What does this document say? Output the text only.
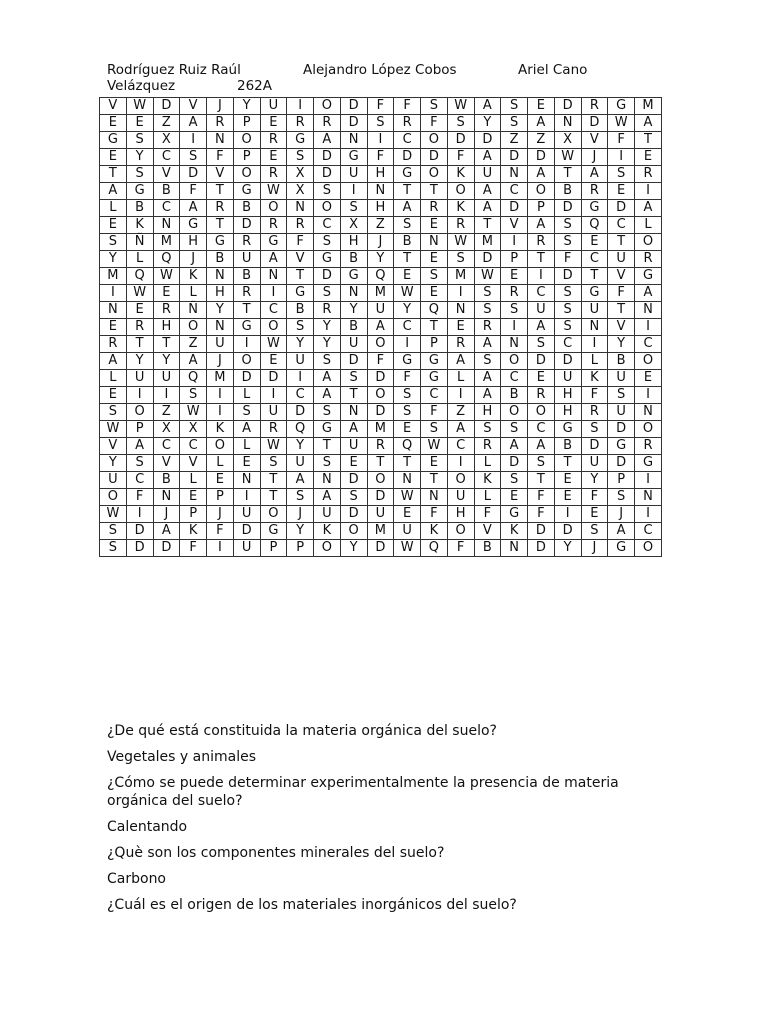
Rodríguez Ruiz Raúl	Alejandro López Cobos	Ariel Cano
Velázquez	262A
V	W	D	V	J	Y	U	I	O	D	F	F	S	W	A	S	E	D	R	G	M
E	E	Z	A	R	P	E	R	R	D	S	R	F	S	Y	S	A	N	D	W	A
G	S	X	I	N	O	R	G	A	N	I	C	O	D	D	Z	Z	X	V	F	T
E	Y	C	S	F	P	E	S	D	G	F	D	D	F	A	D	D	W	J	I	E
T	S	V	D	V	O	R	X	D	U	H	G	O	K	U	N	A	T	A	S	R
A	G	B	F	T	G	W	X	S	I	N	T	T	O	A	C	O	B	R	E	I
L	B	C	A	R	B	O	N	O	S	H	A	R	K	A	D	P	D	G	D	A
E	K	N	G	T	D	R	R	C	X	Z	S	E	R	T	V	A	S	Q	C	L
S	Ñ	M	H	G	R	G	F	S	H	J	B	N	W	M	I	R	S	E	T	O
Y	L	Q	J	B	U	A	V	G	B	Y	T	E	S	D	P	T	F	C	U	R
M	Q	W	K	N	B	N	T	D	G	Q	E	S	M	W	E	I	D	T	V	G
I	W	E	L	H	R	I	G	S	N	M	W	E	I	S	R	C	S	G	F	A
N	E	R	Ñ	Y	T	C	B	R	Y	U	Y	Q	N	S	S	U	S	U	T	N
E	R	H	O	N	G	O	S	Y	B	A	C	T	E	R	I	A	S	N	V	I
R	T	T	Z	U	I	W	Y	Y	U	O	I	P	R	A	N	S	C	I	Y	C
A	Y	Y	A	J	O	E	U	S	D	F	G	G	A	S	O	D	D	L	B	O
L	U	U	Q	M	D	D	I	A	S	D	F	G	L	A	C	E	U	K	U	E
E	I	I	S	I	L	I	C	A	T	O	S	C	I	A	B	R	H	F	S	I
S	O	Z	W	I	S	U	D	S	N	D	S	F	Z	H	O	O	H	R	U	N
W	P	X	X	K	A	R	Q	G	A	M	E	S	A	S	S	C	G	S	D	O
V	A	C	C	O	L	W	Y	T	U	R	Q	W	C	R	A	A	B	D	G	R
Y	S	V	V	L	E	S	U	S	E	T	T	E	I	L	D	S	T	U	D	G
U	C	B	L	E	N	T	A	N	D	O	N	T	O	K	S	T	E	Y	P	I
O	F	N	E	P	I	T	S	A	S	D	W	N	U	L	E	F	E	F	S	N
W	I	J	P	J	U	O	J	U	D	U	E	F	H	F	G	F	I	E	J	I
S	D	A	K	F	D	G	Y	K	O	M	U	K	O	V	K	D	D	S	A	C
S	D	D	F	I	U	P	P	O	Y	D	W	Q	F	B	N	D	Y	J	G	O

¿De qué está constituida la materia orgánica del suelo?

Vegetales y animales

¿Cómo se puede determinar experimentalmente la presencia de materia orgánica del suelo?

Calentando

¿Què son los componentes minerales del suelo?

Carbono

¿Cuál es el origen de los materiales inorgánicos del suelo?
